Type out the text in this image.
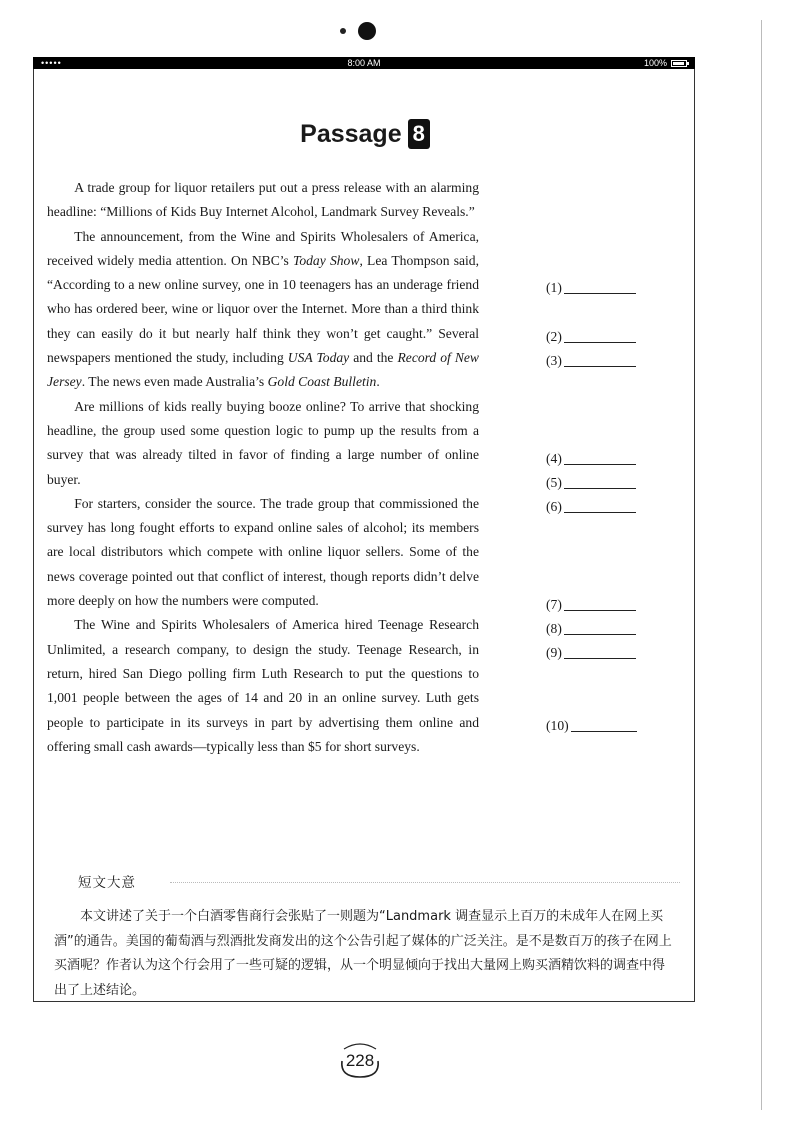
•••••	8:00 AM	100%
Passage 8

A trade group for liquor retailers put out a press release with an alarming headline: “Millions of Kids Buy Internet Alcohol, Landmark Survey Reveals.”

The announcement, from the Wine and Spirits Wholesalers of America, received widely media attention. On NBC’s Today Show, Lea Thompson said, “According to a new online survey, one in 10 teenagers has an underage friend who has ordered beer, wine or liquor over the Internet. More than a third think they can easily do it but nearly half think they won’t get caught.” Several newspapers mentioned the study, including USA Today and the Record of New Jersey. The news even made Australia’s Gold Coast Bulletin.

Are millions of kids really buying booze online? To arrive that shocking headline, the group used some question logic to pump up the results from a survey that was already tilted in favor of finding a large number of online buyer.

For starters, consider the source. The trade group that commissioned the survey has long fought efforts to expand online sales of alcohol; its members are local distributors which compete with online liquor sellers. Some of the news coverage pointed out that conflict of interest, though reports didn’t delve more deeply on how the numbers were computed.

The Wine and Spirits Wholesalers of America hired Teenage Research Unlimited, a research company, to design the study. Teenage Research, in return, hired San Diego polling firm Luth Research to put the questions to 1,001 people between the ages of 14 and 20 in an online survey. Luth gets people to participate in its surveys in part by advertising them online and offering small cash awards—typically less than $5 for short surveys.

(1)
(2)
(3)
(4)
(5)
(6)
(7)
(8)
(9)
(10)
短文大意
本文讲述了关于一个白酒零售商行会张贴了一则题为“Landmark 调查显示上百万的未成年人在网上买酒”的通告。美国的葡萄酒与烈酒批发商发出的这个公告引起了媒体的广泛关注。是不是数百万的孩子在网上买酒呢？作者认为这个行会用了一些可疑的逻辑，从一个明显倾向于找出大量网上购买酒精饮料的调查中得出了上述结论。
228
